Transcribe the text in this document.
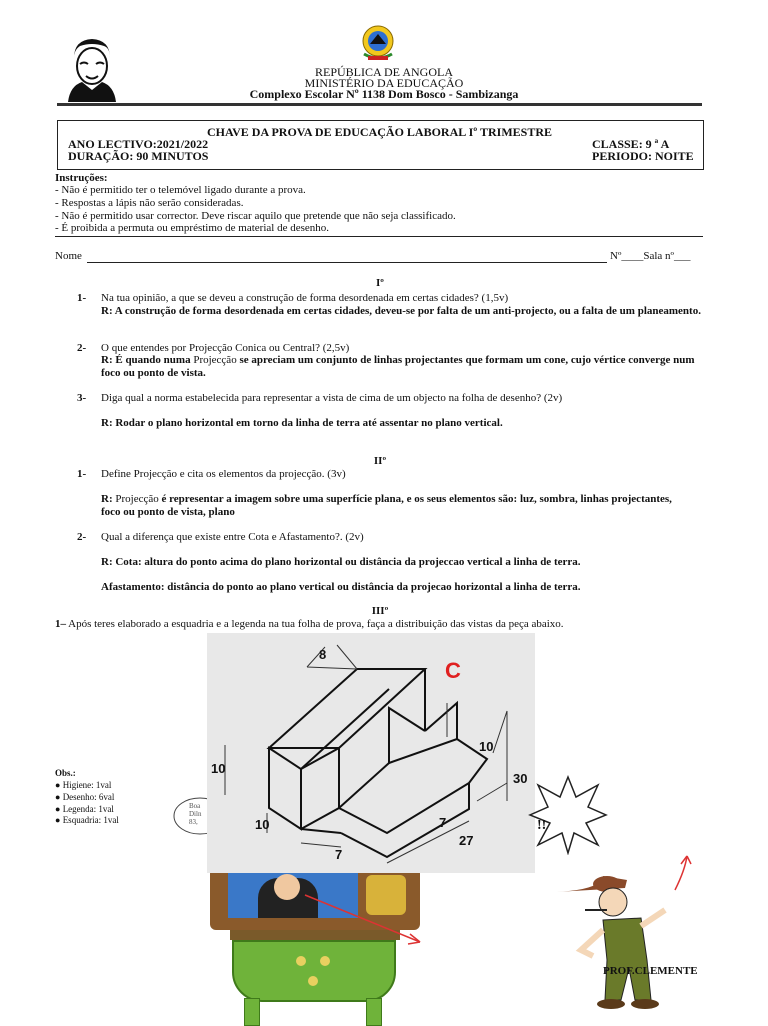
REPÚBLICA DE ANGOLA
MINISTÉRIO DA EDUCAÇÃO
Complexo Escolar Nº 1138 Dom Bosco - Sambizanga
CHAVE DA PROVA DE EDUCAÇÃO LABORAL Iº TRIMESTRE
ANO LECTIVO:2021/2022
DURAÇÃO: 90 MINUTOS
CLASSE: 9 ª A
PERIODO: NOITE
Instruções:
- Não é permitido ter o telemóvel ligado durante a prova.
- Respostas a lápis não serão consideradas.
- Não é permitido usar corrector. Deve riscar aquilo que pretende que não seja classificado.
- É proibida a permuta ou empréstimo de material de desenho.
Nome	Nº____Sala nº___
Iº
1- Na tua opinião, a que se deveu a construção de forma desordenada em certas cidades? (1,5v)
R: A construção de forma desordenada em certas cidades, deveu-se por falta de um anti-projecto, ou a falta de um planeamento.
2- O que entendes por Projecção Conica ou Central? (2,5v)
R: É quando numa Projecção se apreciam um conjunto de linhas projectantes que formam um cone, cujo vértice converge num foco ou ponto de vista.
3- Diga qual a norma estabelecida para representar a vista de cima de um objecto na folha de desenho? (2v)
R: Rodar o plano horizontal em torno da linha de terra até assentar no plano vertical.
IIº
1- Define Projecção e cita os elementos da projecção. (3v)
R: Projecção é representar a imagem sobre uma superfície plana, e os seus elementos são: luz, sombra, linhas projectantes, foco ou ponto de vista, plano
2- Qual a diferença que existe entre Cota e Afastamento?. (2v)
R: Cota: altura do ponto acima do plano horizontal ou distância da projeccao vertical a linha de terra.
Afastamento: distância do ponto ao plano vertical ou distância da projecao horizontal a linha de terra.
IIIº
1– Após teres elaborado a esquadria e a legenda na tua folha de prova, faça a distribuição das vistas da peça abaixo.
Boa
Diln
83,
C
8
10
10
30
10	7
27
7
!!
Obs.:
● Higiene: 1val
● Desenho: 6val
● Legenda: 1val
● Esquadria: 1val
PROF.CLEMENTE
